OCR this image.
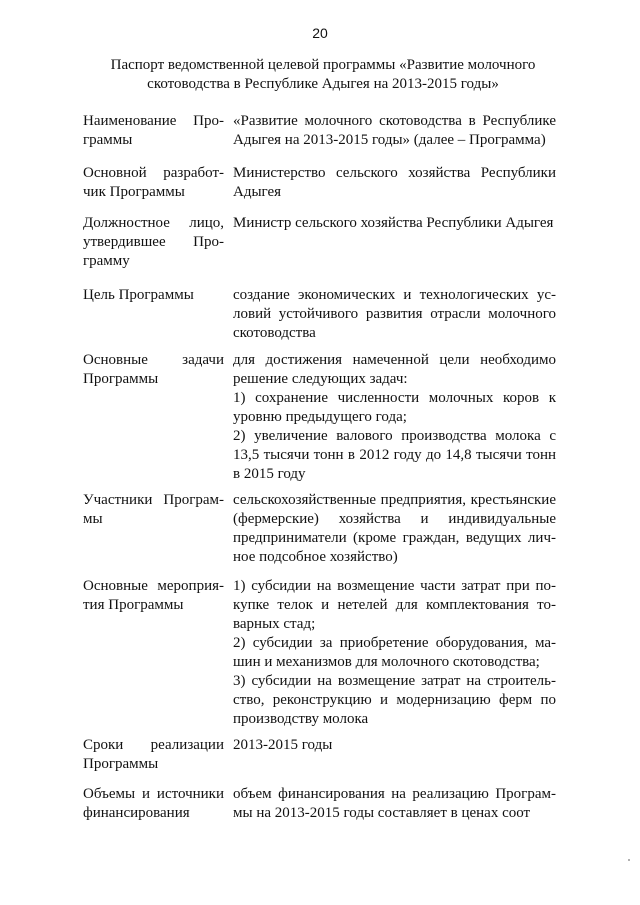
20
Паспорт ведомственной целевой программы «Развитие молочного скотоводства в Республике Адыгея на 2013-2015 годы»
Наименование Программы

«Развитие молочного скотоводства в Республике Адыгея на 2013-2015 годы» (далее – Программа)

Основной разработчик Программы

Министерство сельского хозяйства Республики Адыгея

Должностное лицо, утвердившее Программу

Министр сельского хозяйства Республики Адыгея

Цель Программы	создание экономических и технологических условий устойчивого развития отрасли молочного скотоводства

Основные задачи Программы

для достижения намеченной цели необходимо решение следующих задач:

1) сохранение численности молочных коров к уровню предыдущего года;

2) увеличение валового производства молока с 13,5 тысячи тонн в 2012 году до 14,8 тысячи тонн в 2015 году

Участники Программы

сельскохозяйственные предприятия, крестьянские (фермерские) хозяйства и индивидуальные предприниматели (кроме граждан, ведущих личное подсобное хозяйство)

Основные мероприятия Программы

1) субсидии на возмещение части затрат при покупке телок и нетелей для комплектования товарных стад;

2) субсидии за приобретение оборудования, машин и механизмов для молочного скотоводства;

3) субсидии на возмещение затрат на строительство, реконструкцию и модернизацию ферм по производству молока

Сроки реализации Программы

2013-2015 годы

Объемы и источники финансирования

объем финансирования на реализацию Программы на 2013-2015 годы составляет в ценах соот
